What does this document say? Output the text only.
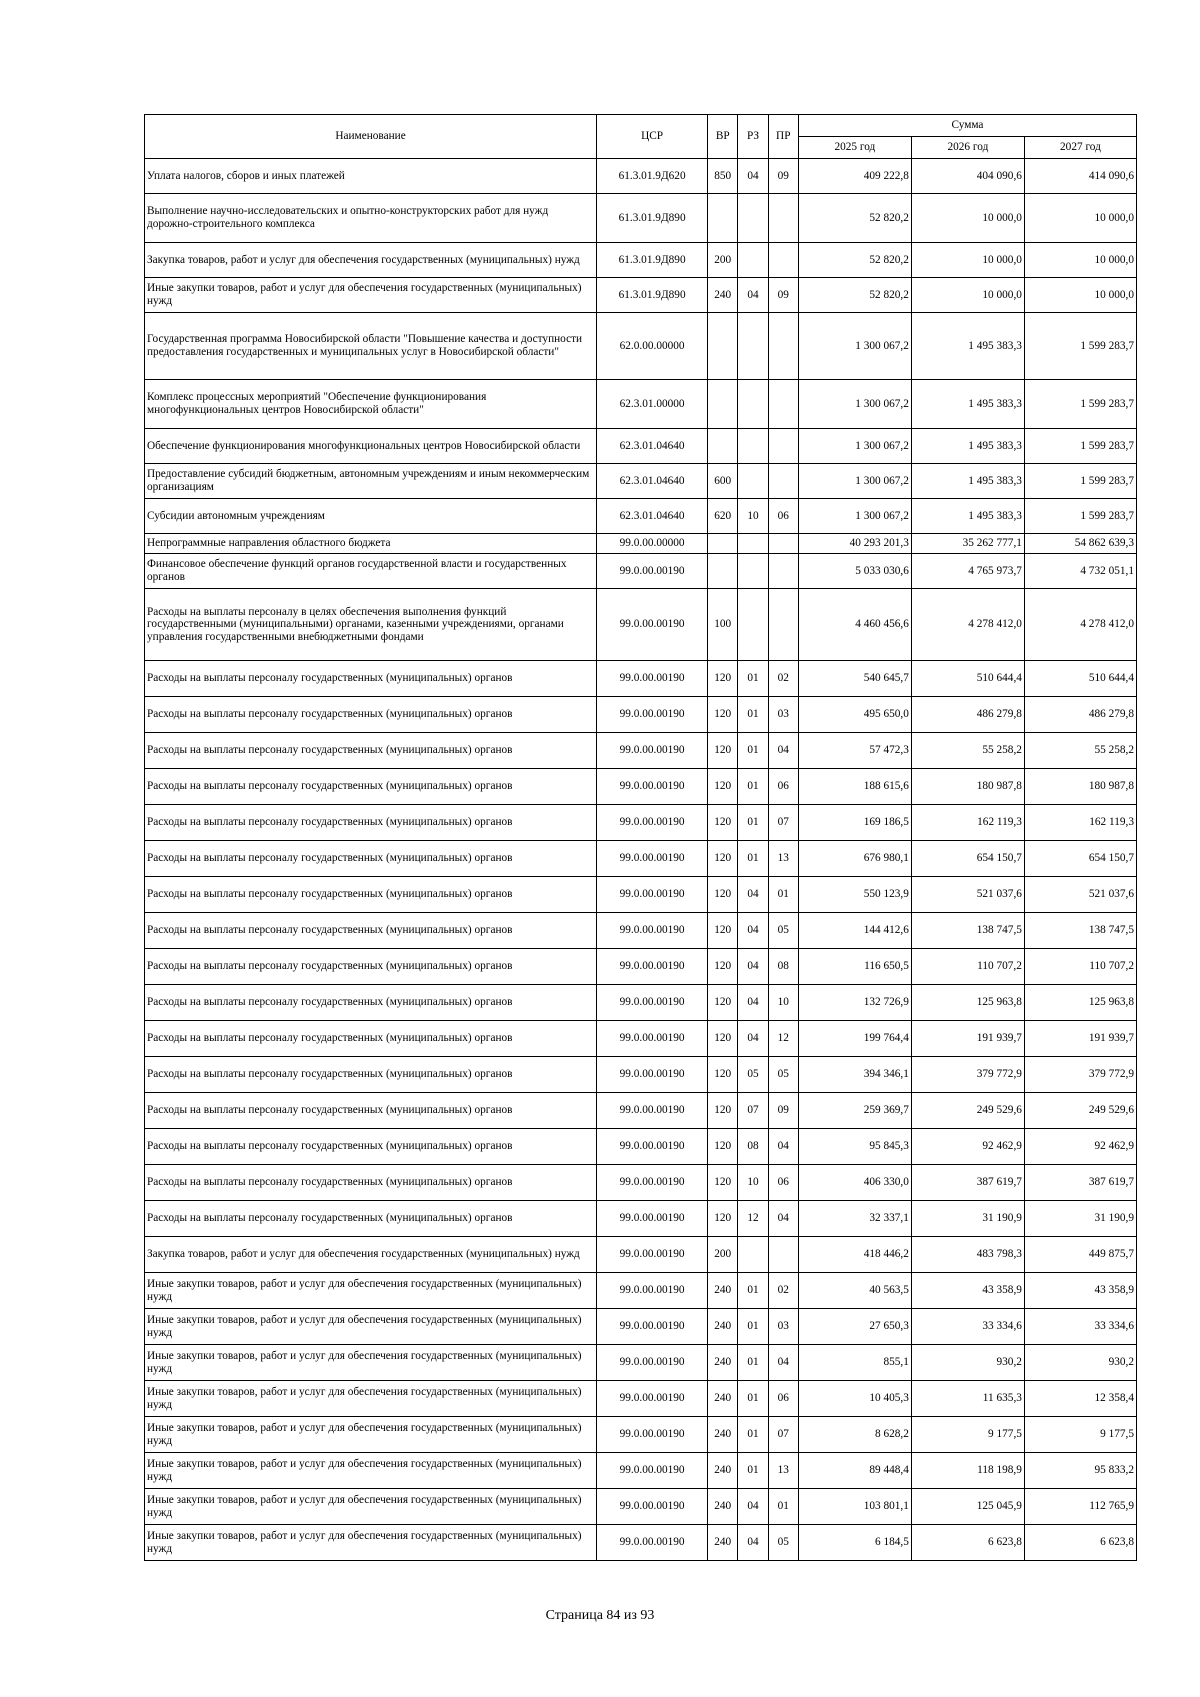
Наименование	ЦСР	ВР	РЗ	ПР	Сумма		
					2025 год	2026 год	2027 год
Уплата налогов, сборов и иных платежей	61.3.01.9Д620	850	04	09	409 222,8	404 090,6	414 090,6
Выполнение научно-исследовательских и опытно-конструкторских работ для нужд дорожно-строительного комплекса	61.3.01.9Д890				52 820,2	10 000,0	10 000,0
Закупка товаров, работ и услуг для обеспечения государственных (муниципальных) нужд	61.3.01.9Д890	200			52 820,2	10 000,0	10 000,0
Иные закупки товаров, работ и услуг для обеспечения государственных (муниципальных) нужд	61.3.01.9Д890	240	04	09	52 820,2	10 000,0	10 000,0
Государственная программа Новосибирской области "Повышение качества и доступности предоставления государственных и муниципальных услуг в Новосибирской области"	62.0.00.00000				1 300 067,2	1 495 383,3	1 599 283,7
Комплекс процессных мероприятий "Обеспечение функционирования многофункциональных центров Новосибирской области"	62.3.01.00000				1 300 067,2	1 495 383,3	1 599 283,7
Обеспечение функционирования многофункциональных центров Новосибирской области	62.3.01.04640				1 300 067,2	1 495 383,3	1 599 283,7
Предоставление субсидий бюджетным, автономным учреждениям и иным некоммерческим организациям	62.3.01.04640	600			1 300 067,2	1 495 383,3	1 599 283,7
Субсидии автономным учреждениям	62.3.01.04640	620	10	06	1 300 067,2	1 495 383,3	1 599 283,7
Непрограммные направления областного бюджета	99.0.00.00000				40 293 201,3	35 262 777,1	54 862 639,3
Финансовое обеспечение функций органов государственной власти и государственных органов	99.0.00.00190				5 033 030,6	4 765 973,7	4 732 051,1
Расходы на выплаты персоналу в целях обеспечения выполнения функций государственными (муниципальными) органами, казенными учреждениями, органами управления государственными внебюджетными фондами	99.0.00.00190	100			4 460 456,6	4 278 412,0	4 278 412,0
Расходы на выплаты персоналу государственных (муниципальных) органов	99.0.00.00190	120	01	02	540 645,7	510 644,4	510 644,4
Расходы на выплаты персоналу государственных (муниципальных) органов	99.0.00.00190	120	01	03	495 650,0	486 279,8	486 279,8
Расходы на выплаты персоналу государственных (муниципальных) органов	99.0.00.00190	120	01	04	57 472,3	55 258,2	55 258,2
Расходы на выплаты персоналу государственных (муниципальных) органов	99.0.00.00190	120	01	06	188 615,6	180 987,8	180 987,8
Расходы на выплаты персоналу государственных (муниципальных) органов	99.0.00.00190	120	01	07	169 186,5	162 119,3	162 119,3
Расходы на выплаты персоналу государственных (муниципальных) органов	99.0.00.00190	120	01	13	676 980,1	654 150,7	654 150,7
Расходы на выплаты персоналу государственных (муниципальных) органов	99.0.00.00190	120	04	01	550 123,9	521 037,6	521 037,6
Расходы на выплаты персоналу государственных (муниципальных) органов	99.0.00.00190	120	04	05	144 412,6	138 747,5	138 747,5
Расходы на выплаты персоналу государственных (муниципальных) органов	99.0.00.00190	120	04	08	116 650,5	110 707,2	110 707,2
Расходы на выплаты персоналу государственных (муниципальных) органов	99.0.00.00190	120	04	10	132 726,9	125 963,8	125 963,8
Расходы на выплаты персоналу государственных (муниципальных) органов	99.0.00.00190	120	04	12	199 764,4	191 939,7	191 939,7
Расходы на выплаты персоналу государственных (муниципальных) органов	99.0.00.00190	120	05	05	394 346,1	379 772,9	379 772,9
Расходы на выплаты персоналу государственных (муниципальных) органов	99.0.00.00190	120	07	09	259 369,7	249 529,6	249 529,6
Расходы на выплаты персоналу государственных (муниципальных) органов	99.0.00.00190	120	08	04	95 845,3	92 462,9	92 462,9
Расходы на выплаты персоналу государственных (муниципальных) органов	99.0.00.00190	120	10	06	406 330,0	387 619,7	387 619,7
Расходы на выплаты персоналу государственных (муниципальных) органов	99.0.00.00190	120	12	04	32 337,1	31 190,9	31 190,9
Закупка товаров, работ и услуг для обеспечения государственных (муниципальных) нужд	99.0.00.00190	200			418 446,2	483 798,3	449 875,7
Иные закупки товаров, работ и услуг для обеспечения государственных (муниципальных) нужд	99.0.00.00190	240	01	02	40 563,5	43 358,9	43 358,9
Иные закупки товаров, работ и услуг для обеспечения государственных (муниципальных) нужд	99.0.00.00190	240	01	03	27 650,3	33 334,6	33 334,6
Иные закупки товаров, работ и услуг для обеспечения государственных (муниципальных) нужд	99.0.00.00190	240	01	04	855,1	930,2	930,2
Иные закупки товаров, работ и услуг для обеспечения государственных (муниципальных) нужд	99.0.00.00190	240	01	06	10 405,3	11 635,3	12 358,4
Иные закупки товаров, работ и услуг для обеспечения государственных (муниципальных) нужд	99.0.00.00190	240	01	07	8 628,2	9 177,5	9 177,5
Иные закупки товаров, работ и услуг для обеспечения государственных (муниципальных) нужд	99.0.00.00190	240	01	13	89 448,4	118 198,9	95 833,2
Иные закупки товаров, работ и услуг для обеспечения государственных (муниципальных) нужд	99.0.00.00190	240	04	01	103 801,1	125 045,9	112 765,9
Иные закупки товаров, работ и услуг для обеспечения государственных (муниципальных) нужд	99.0.00.00190	240	04	05	6 184,5	6 623,8	6 623,8
Страница 84 из 93
